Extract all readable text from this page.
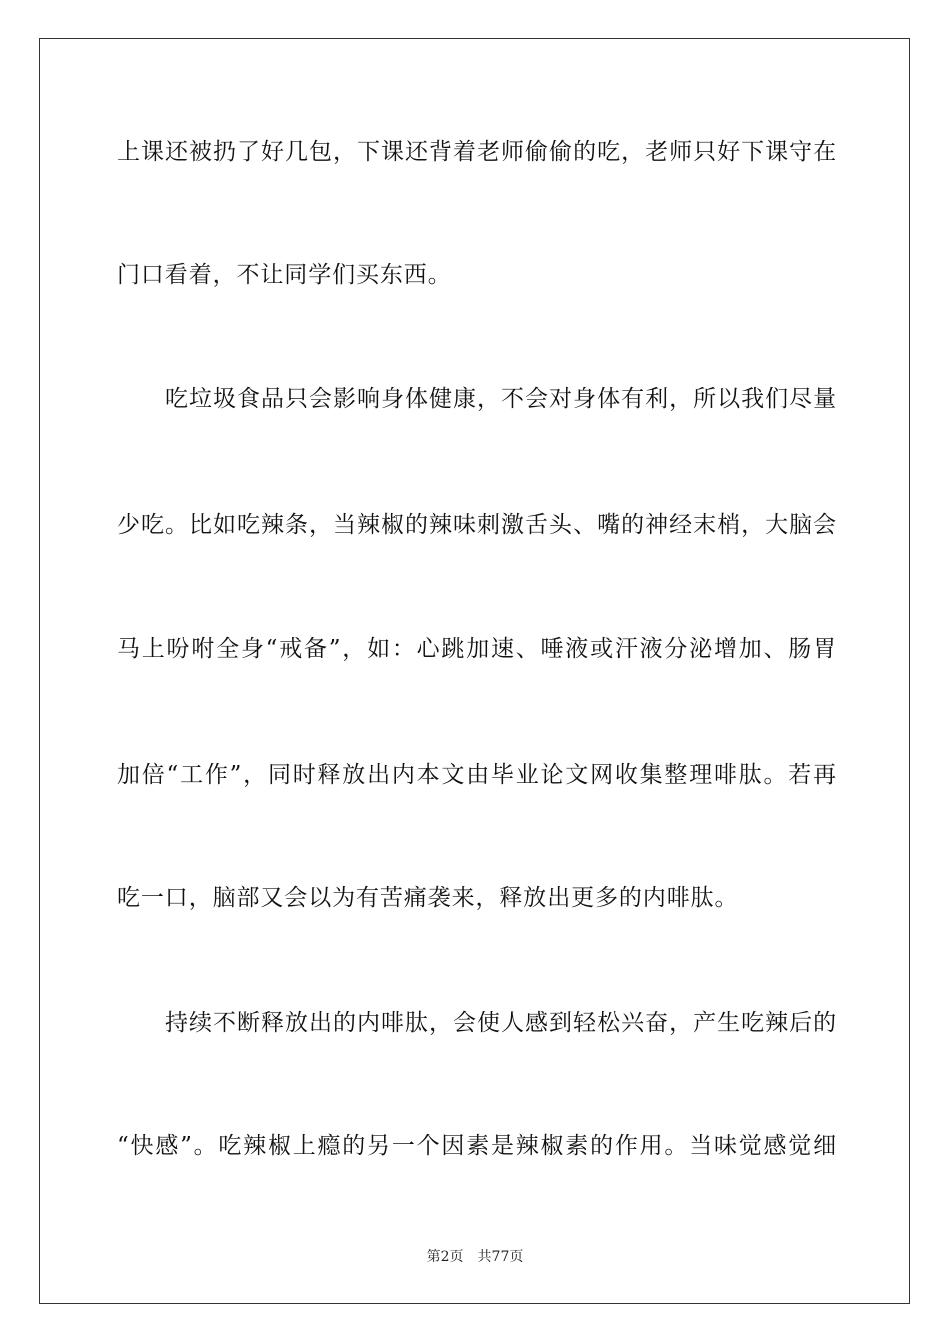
上课还被扔了好几包，下课还背着老师偷偷的吃，老师只好下课守在
门口看着，不让同学们买东西。
吃垃圾食品只会影响身体健康，不会对身体有利，所以我们尽量
少吃。比如吃辣条，当辣椒的辣味刺激舌头、嘴的神经末梢，大脑会
马上吩咐全身“戒备”，如：心跳加速、唾液或汗液分泌增加、肠胃
加倍“工作”，同时释放出内本文由毕业论文网收集整理啡肽。若再
吃一口，脑部又会以为有苦痛袭来，释放出更多的内啡肽。
持续不断释放出的内啡肽，会使人感到轻松兴奋，产生吃辣后的
“快感”。吃辣椒上瘾的另一个因素是辣椒素的作用。当味觉感觉细
第2页 共77页
